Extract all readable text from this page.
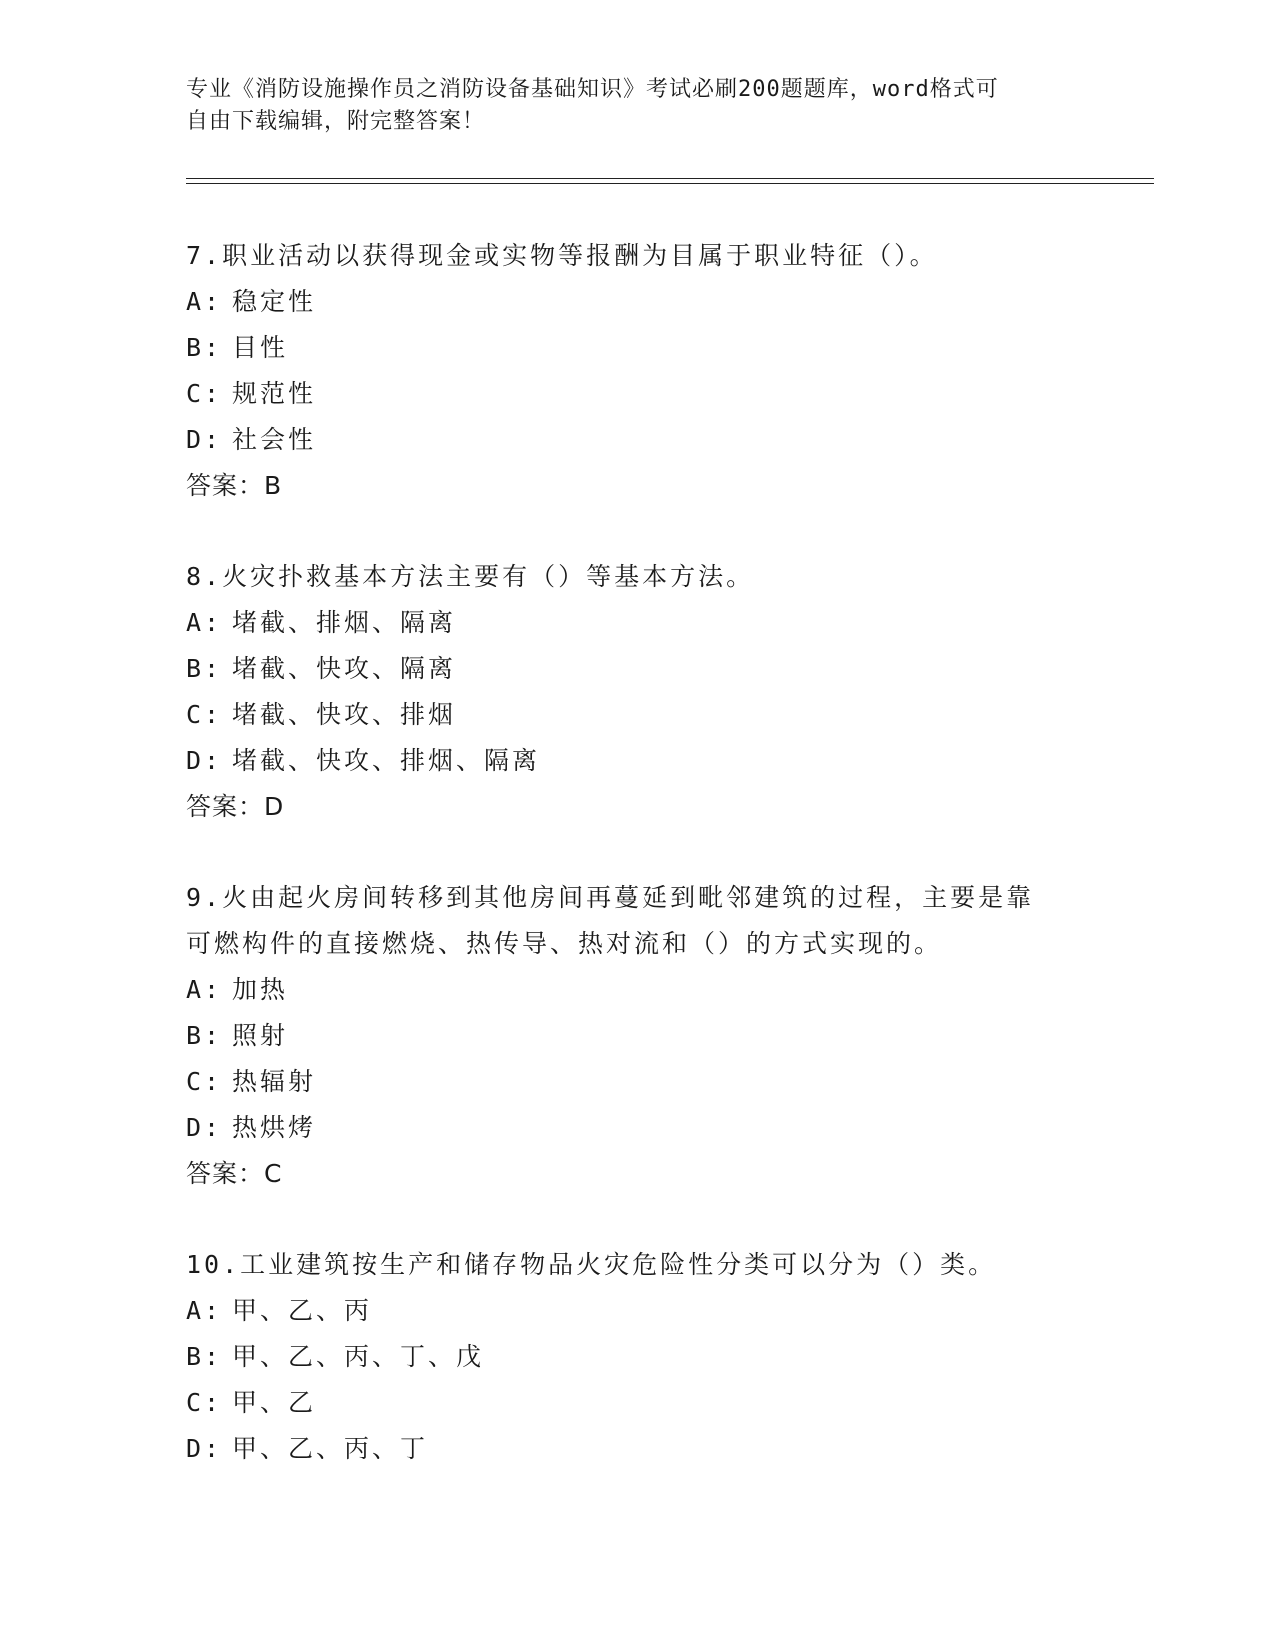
专业《消防设施操作员之消防设备基础知识》考试必刷200题题库，word格式可
自由下载编辑，附完整答案！
7.职业活动以获得现金或实物等报酬为目属于职业特征（）。
A: 稳定性
B: 目性
C: 规范性
D: 社会性
答案：B
8.火灾扑救基本方法主要有（）等基本方法。
A: 堵截、排烟、隔离
B: 堵截、快攻、隔离
C: 堵截、快攻、排烟
D: 堵截、快攻、排烟、隔离
答案：D
9.火由起火房间转移到其他房间再蔓延到毗邻建筑的过程，主要是靠
可燃构件的直接燃烧、热传导、热对流和（）的方式实现的。
A: 加热
B: 照射
C: 热辐射
D: 热烘烤
答案：C
10.工业建筑按生产和储存物品火灾危险性分类可以分为（）类。
A: 甲、乙、丙
B: 甲、乙、丙、丁、戊
C: 甲、乙
D: 甲、乙、丙、丁
